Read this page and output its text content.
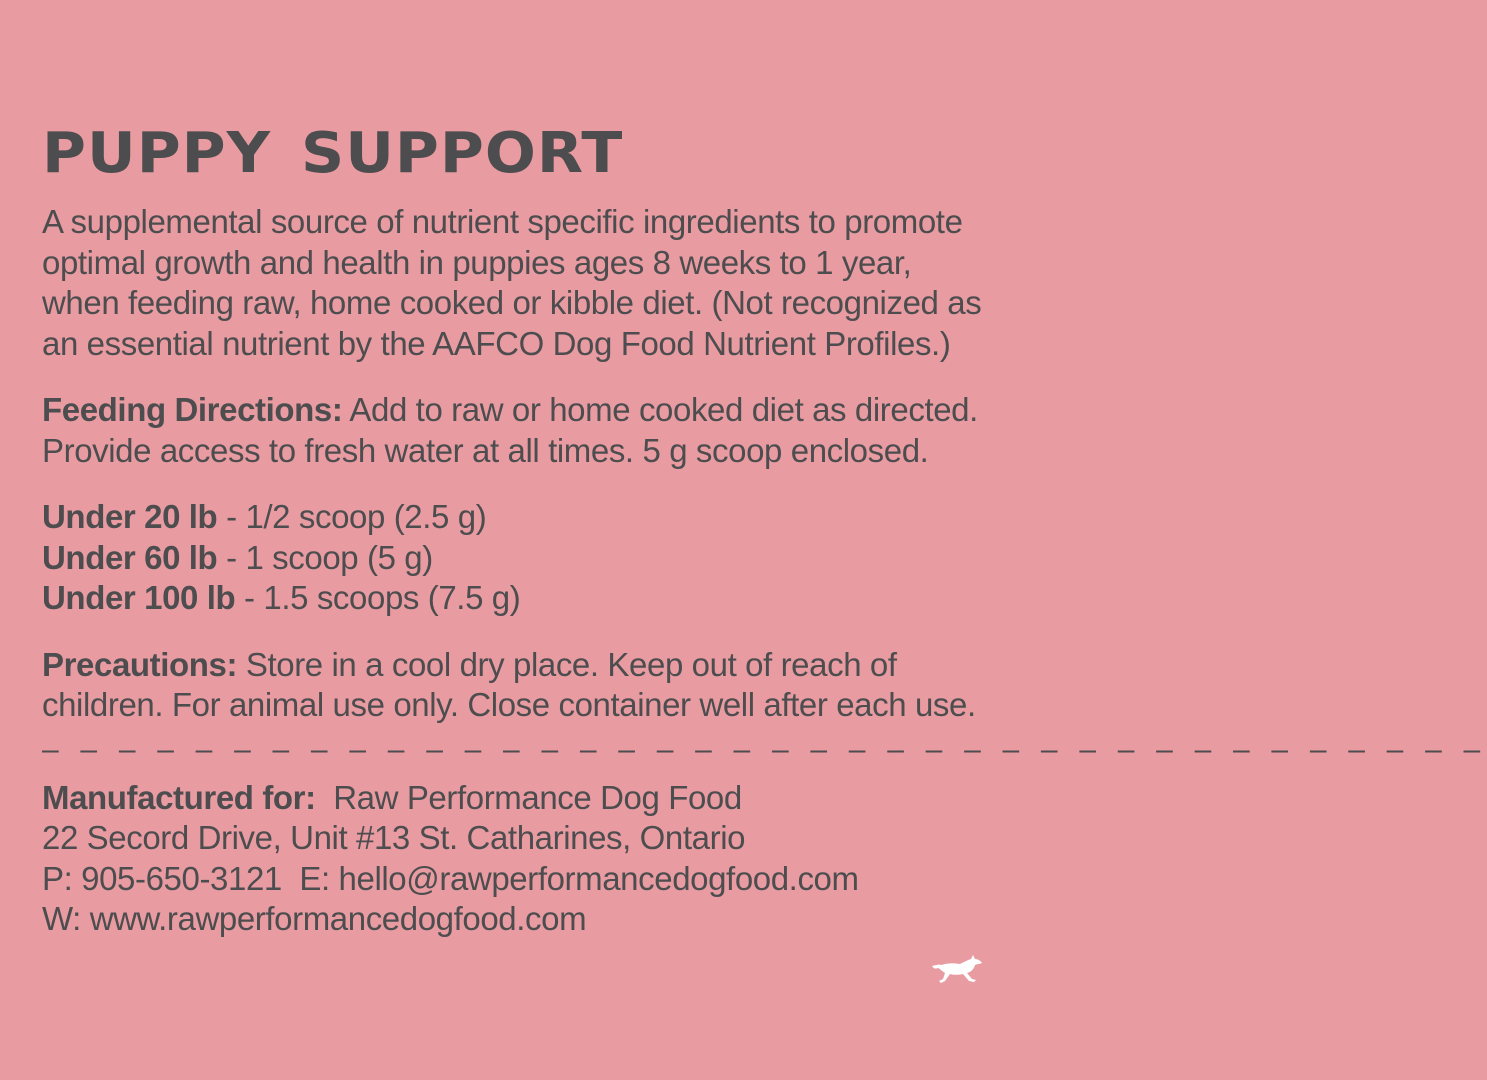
PUPPY SUPPORT

A supplemental source of nutrient specific ingredients to promote

optimal growth and health in puppies ages 8 weeks to 1 year,

when feeding raw, home cooked or kibble diet. (Not recognized as

an essential nutrient by the AAFCO Dog Food Nutrient Profiles.)

Feeding Directions: Add to raw or home cooked diet as directed.

Provide access to fresh water at all times. 5 g scoop enclosed.

Under 20 lb - 1/2 scoop (2.5 g)

Under 60 lb - 1 scoop (5 g)

Under 100 lb - 1.5 scoops (7.5 g)

Precautions: Store in a cool dry place. Keep out of reach of

children. For animal use only. Close container well after each use.

– – – – – – – – – – – – – – – – – – – – – – – – – – – – – – – – – – – – – –

Manufactured for:  Raw Performance Dog Food

22 Secord Drive, Unit #13 St. Catharines, Ontario

P: 905-650-3121  E: hello@rawperformancedogfood.com

W: www.rawperformancedogfood.com
